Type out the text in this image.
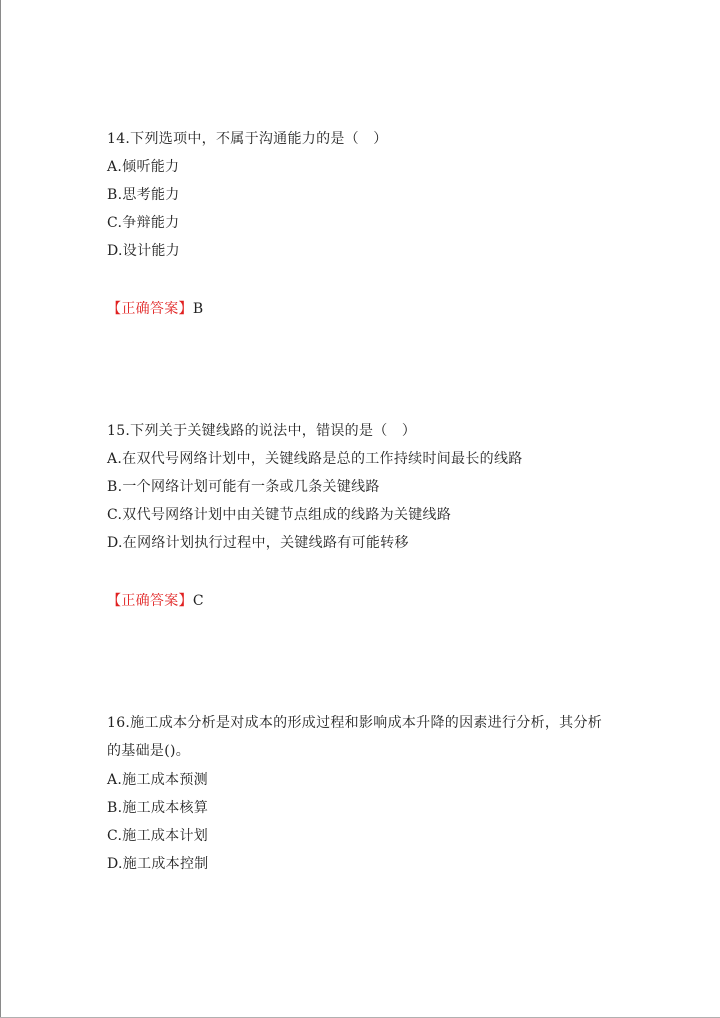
14.下列选项中，不属于沟通能力的是（　）
A.倾听能力
B.思考能力
C.争辩能力
D.设计能力
【正确答案】B
15.下列关于关键线路的说法中，错误的是（　）
A.在双代号网络计划中，关键线路是总的工作持续时间最长的线路
B.一个网络计划可能有一条或几条关键线路
C.双代号网络计划中由关键节点组成的线路为关键线路
D.在网络计划执行过程中，关键线路有可能转移
【正确答案】C
16.施工成本分析是对成本的形成过程和影响成本升降的因素进行分析，其分析
的基础是()。
A.施工成本预测
B.施工成本核算
C.施工成本计划
D.施工成本控制
